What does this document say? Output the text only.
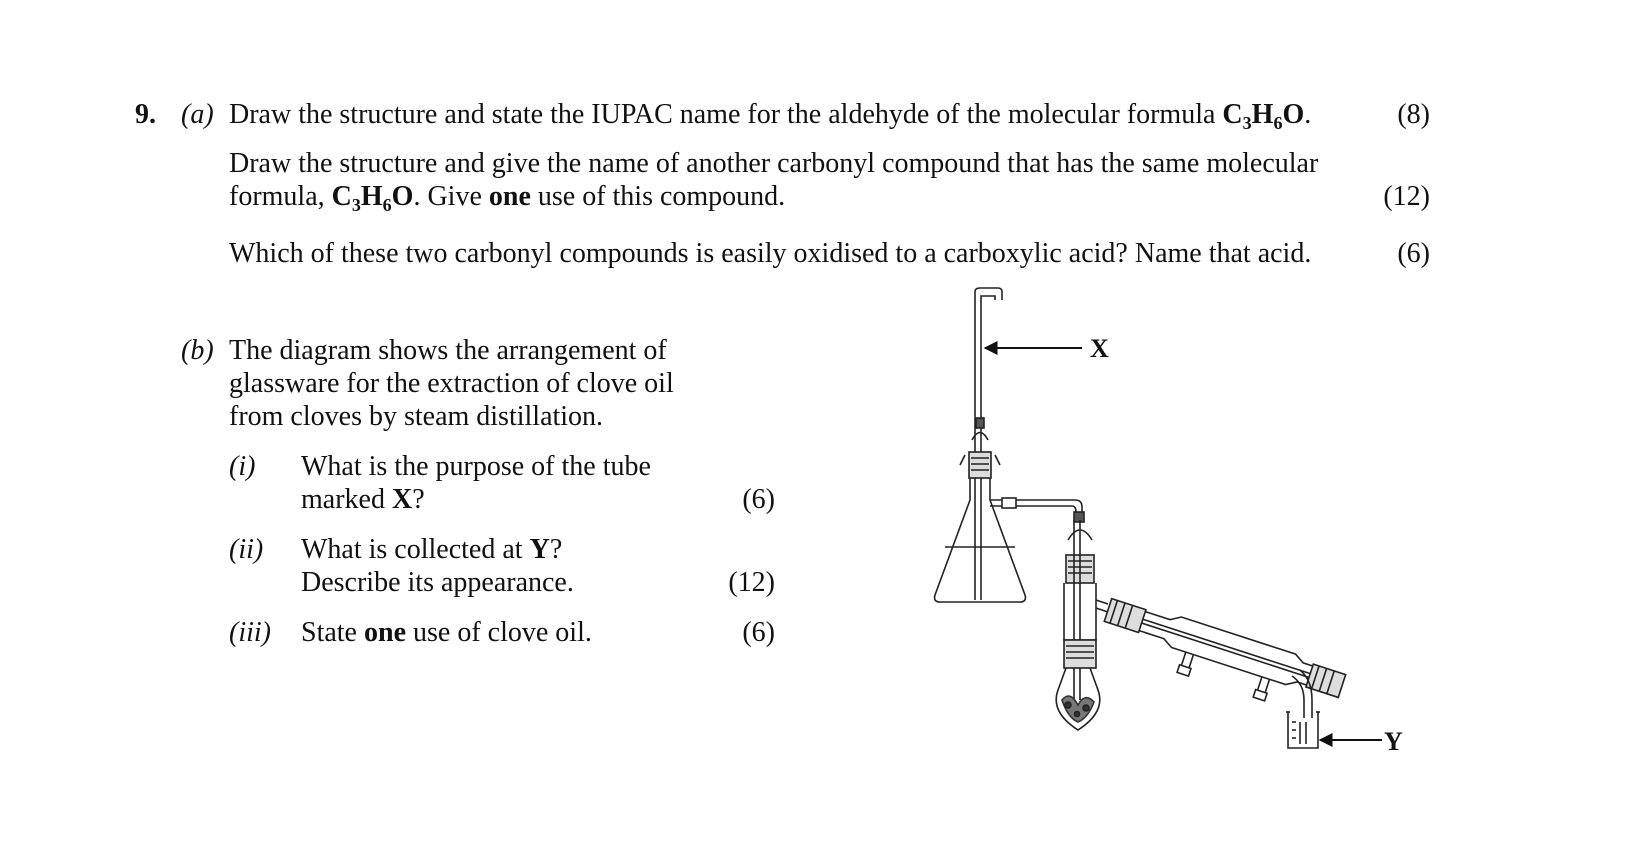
9. (a) Draw the structure and state the IUPAC name for the aldehyde of the molecular formula $C_3H_6O$.	(8)
Draw the structure and give the name of another carbonyl compound that has the same molecular
formula, $C_3H_6O$. Give one use of this compound.	(12)
Which of these two carbonyl compounds is easily oxidised to a carboxylic acid? Name that acid.	(6)
(b) The diagram shows the arrangement of
glassware for the extraction of clove oil
from cloves by steam distillation.
(i) What is the purpose of the tube
marked X?	(6)
(ii) What is collected at Y?
Describe its appearance.	(12)
(iii) State one use of clove oil.	(6)
X
Y
